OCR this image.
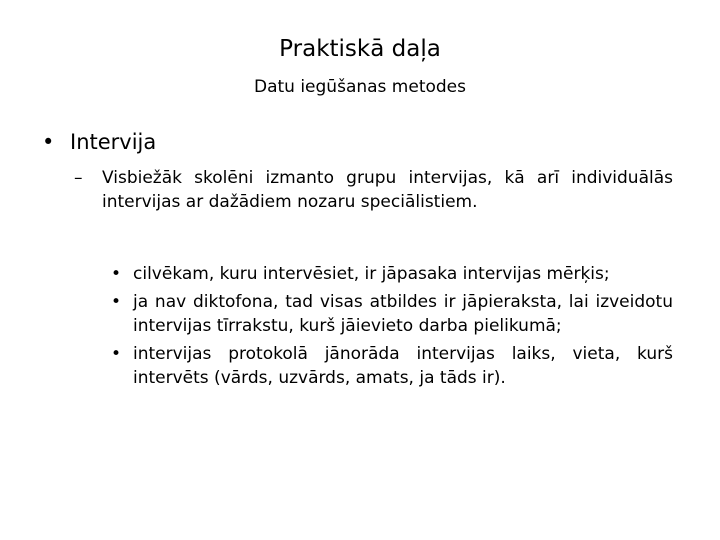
Praktiskā daļa
Datu iegūšanas metodes
• Intervija
– Visbiežāk skolēni izmanto grupu intervijas, kā arī individuālās intervijas ar dažādiem nozaru speciālistiem.
• cilvēkam, kuru intervēsiet, ir jāpasaka intervijas mērķis;
• ja nav diktofona, tad visas atbildes ir jāpieraksta, lai izveidotu intervijas tīrrakstu, kurš jāievieto darba pielikumā;
• intervijas protokolā jānorāda intervijas laiks, vieta, kurš intervēts (vārds, uzvārds, amats, ja tāds ir).
